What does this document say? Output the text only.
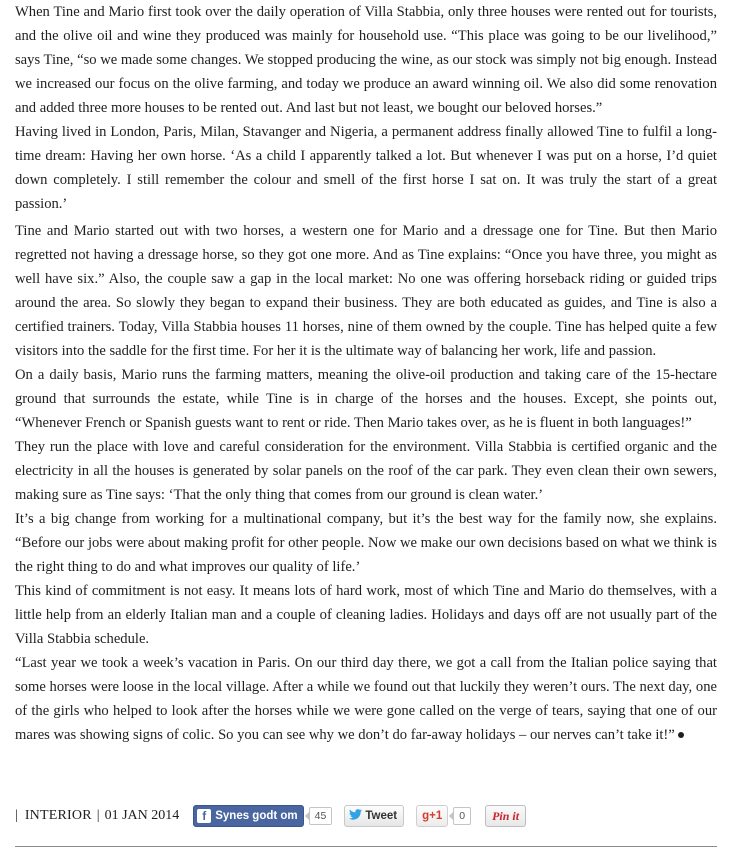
When Tine and Mario first took over the daily operation of Villa Stabbia, only three houses were rented out for tourists, and the olive oil and wine they produced was mainly for household use. “This place was going to be our livelihood,” says Tine, “so we made some changes. We stopped producing the wine, as our stock was simply not big enough. Instead we increased our focus on the olive farming, and today we produce an award winning oil. We also did some renovation and added three more houses to be rented out. And last but not least, we bought our beloved horses.”

Having lived in London, Paris, Milan, Stavanger and Nigeria, a permanent address finally allowed Tine to fulfil a long-time dream: Having her own horse. ‘As a child I apparently talked a lot. But whenever I was put on a horse, I’d quiet down completely. I still remember the colour and smell of the first horse I sat on. It was truly the start of a great passion.’

Tine and Mario started out with two horses, a western one for Mario and a dressage one for Tine. But then Mario regretted not having a dressage horse, so they got one more. And as Tine explains: “Once you have three, you might as well have six.” Also, the couple saw a gap in the local market: No one was offering horseback riding or guided trips around the area. So slowly they began to expand their business. They are both educated as guides, and Tine is also a certified trainers. Today, Villa Stabbia houses 11 horses, nine of them owned by the couple. Tine has helped quite a few visitors into the saddle for the first time. For her it is the ultimate way of balancing her work, life and passion.

On a daily basis, Mario runs the farming matters, meaning the olive-oil production and taking care of the 15-hectare ground that surrounds the estate, while Tine is in charge of the horses and the houses. Except, she points out, “Whenever French or Spanish guests want to rent or ride. Then Mario takes over, as he is fluent in both languages!”

They run the place with love and careful consideration for the environment. Villa Stabbia is certified organic and the electricity in all the houses is generated by solar panels on the roof of the car park. They even clean their own sewers, making sure as Tine says: ‘That the only thing that comes from our ground is clean water.’

It’s a big change from working for a multinational company, but it’s the best way for the family now, she explains. “Before our jobs were about making profit for other people. Now we make our own decisions based on what we think is the right thing to do and what improves our quality of life.’

This kind of commitment is not easy. It means lots of hard work, most of which Tine and Mario do themselves, with a little help from an elderly Italian man and a couple of cleaning ladies. Holidays and days off are not usually part of the Villa Stabbia schedule.

“Last year we took a week’s vacation in Paris. On our third day there, we got a call from the Italian police saying that some horses were loose in the local village. After a while we found out that luckily they weren’t ours. The next day, one of the girls who helped to look after the horses while we were gone called on the verge of tears, saying that one of our mares was showing signs of colic. So you can see why we don’t do far-away holidays – our nerves can’t take it!”

| INTERIOR | 01 JAN 2014	f Synes godt om	45	Tweet	g+1	0	Pin it
